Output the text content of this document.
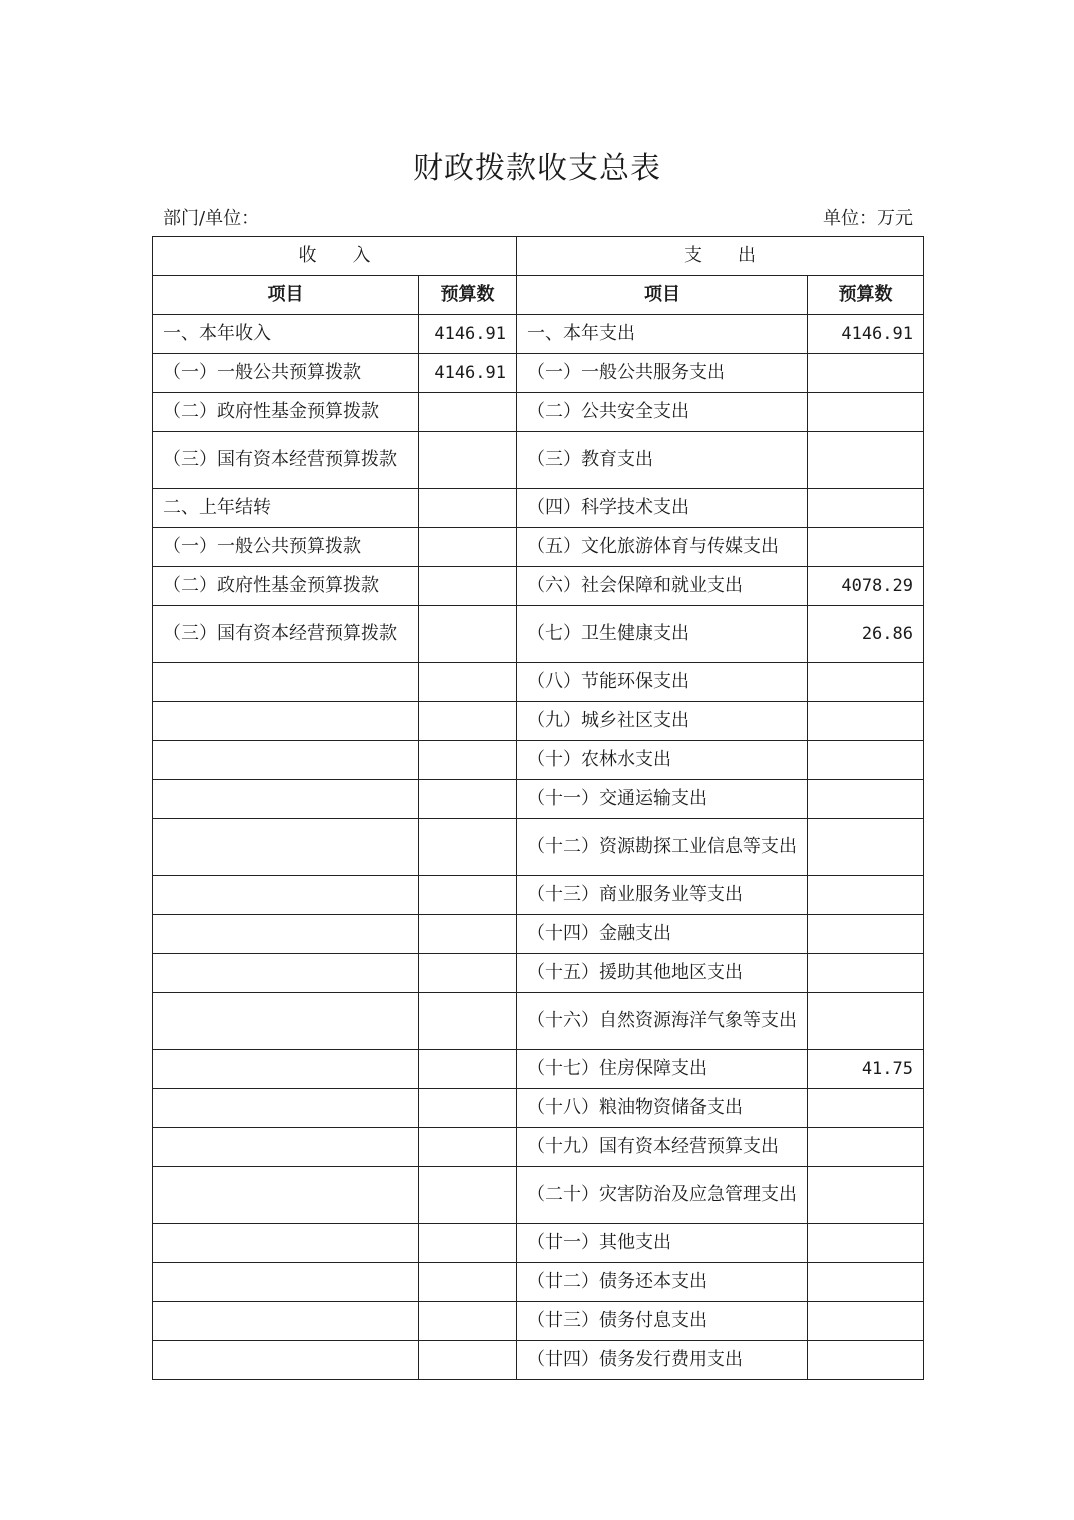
财政拨款收支总表
部门/单位：	单位：万元
收　　入		支　　出	
项目	预算数	项目	预算数
一、本年收入	4146.91	一、本年支出	4146.91
（一）一般公共预算拨款	4146.91	（一）一般公共服务支出	
（二）政府性基金预算拨款		（二）公共安全支出	
（三）国有资本经营预算拨款		（三）教育支出	
二、上年结转		（四）科学技术支出	
（一）一般公共预算拨款		（五）文化旅游体育与传媒支出	
（二）政府性基金预算拨款		（六）社会保障和就业支出	4078.29
（三）国有资本经营预算拨款		（七）卫生健康支出	26.86
		（八）节能环保支出	
		（九）城乡社区支出	
		（十）农林水支出	
		（十一）交通运输支出	
		（十二）资源勘探工业信息等支出	
		（十三）商业服务业等支出	
		（十四）金融支出	
		（十五）援助其他地区支出	
		（十六）自然资源海洋气象等支出	
		（十七）住房保障支出	41.75
		（十八）粮油物资储备支出	
		（十九）国有资本经营预算支出	
		（二十）灾害防治及应急管理支出	
		（廿一）其他支出	
		（廿二）债务还本支出	
		（廿三）债务付息支出	
		（廿四）债务发行费用支出	
